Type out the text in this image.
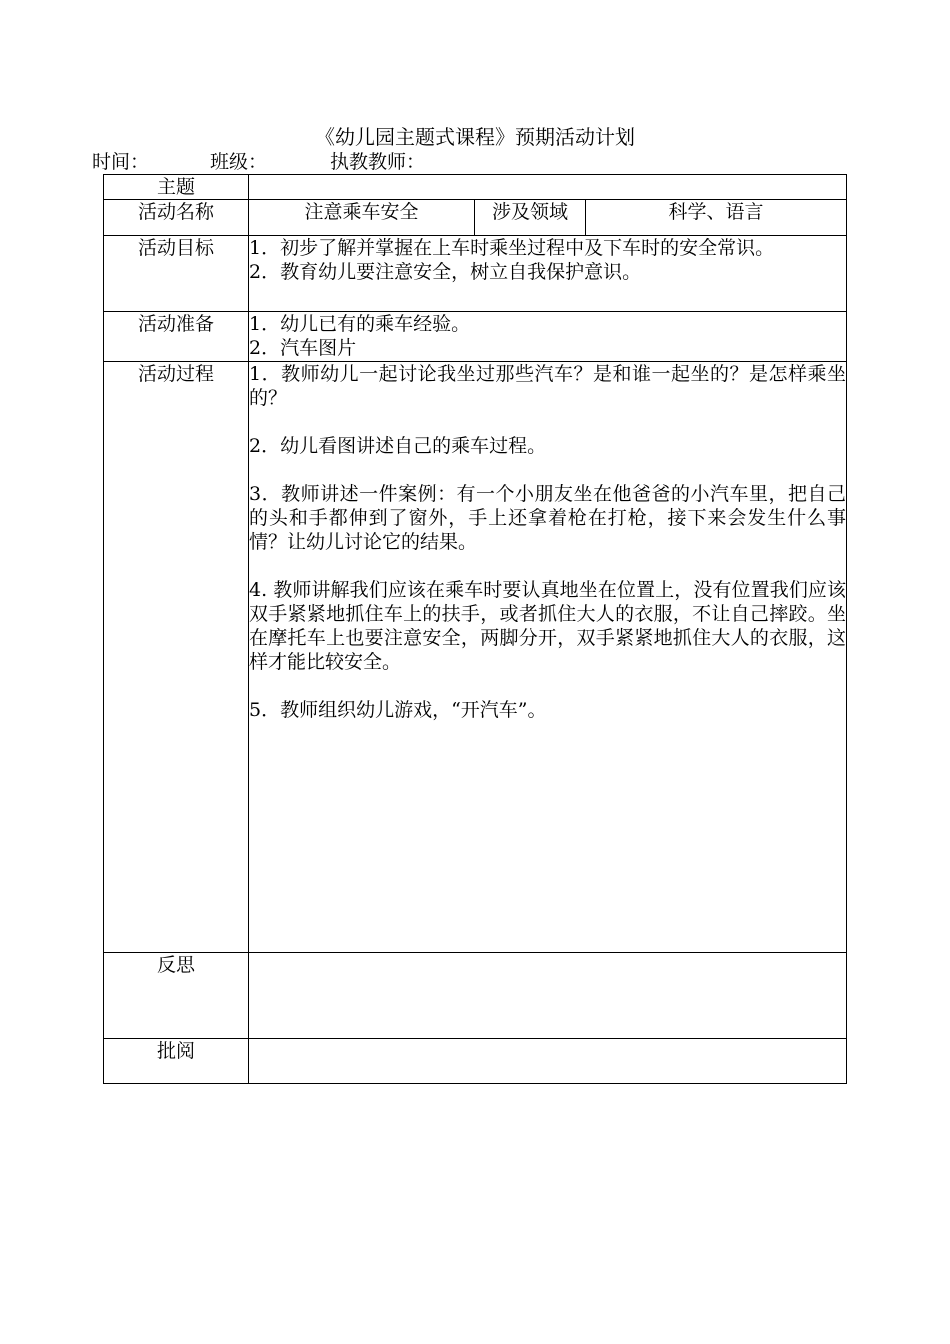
《幼儿园主题式课程》预期活动计划
时间：	班级：	执教教师：
主题			
活动名称	注意乘车安全	涉及领域	科学、语言
活动目标	1．初步了解并掌握在上车时乘坐过程中及下车时的安全常识。

2．教育幼儿要注意安全，树立自我保护意识。		

活动准备	1．幼儿已有的乘车经验。

2．汽车图片		

活动过程	1．教师幼儿一起讨论我坐过那些汽车？是和谁一起坐的？是怎样乘坐的？

2．幼儿看图讲述自己的乘车过程。

3．教师讲述一件案例：有一个小朋友坐在他爸爸的小汽车里，把自己的头和手都伸到了窗外，手上还拿着枪在打枪，接下来会发生什么事情？让幼儿讨论它的结果。

4. 教师讲解我们应该在乘车时要认真地坐在位置上，没有位置我们应该双手紧紧地抓住车上的扶手，或者抓住大人的衣服，不让自己摔跤。坐在摩托车上也要注意安全，两脚分开，双手紧紧地抓住大人的衣服，这样才能比较安全。

5．教师组织幼儿游戏，“开汽车”。		

反思			
批阅			
